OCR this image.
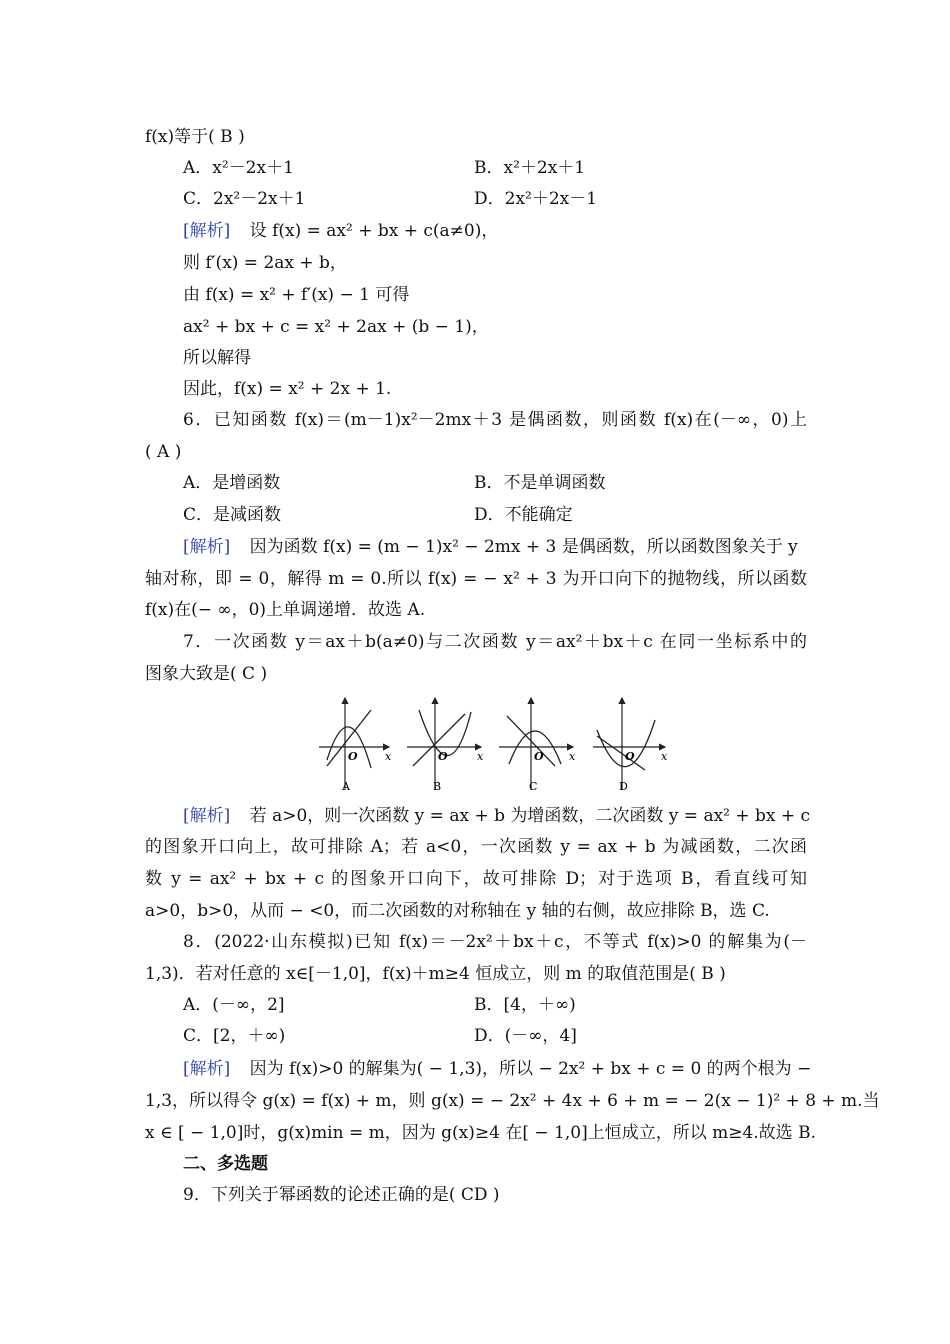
f(x)等于( B )
A．x²－2x＋1	B．x²＋2x＋1
C．2x²－2x＋1	D．2x²＋2x－1
[解析] 设 f(x) = ax² + bx + c(a≠0)，
则 f′(x) = 2ax + b，
由 f(x) = x² + f′(x) − 1 可得
ax² + bx + c = x² + 2ax + (b − 1)，
所以解得
因此，f(x) = x² + 2x + 1.
6．已知函数 f(x)＝(m－1)x²－2mx＋3 是偶函数，则函数 f(x)在(－∞，0)上
( A )
A．是增函数	B．不是单调函数
C．是减函数	D．不能确定
[解析] 因为函数 f(x) = (m − 1)x² − 2mx + 3 是偶函数，所以函数图象关于 y
轴对称，即 = 0，解得 m = 0.所以 f(x) = − x² + 3 为开口向下的抛物线，所以函数
f(x)在(− ∞，0)上单调递增．故选 A.
7．一次函数 y＝ax＋b(a≠0)与二次函数 y＝ax²＋bx＋c 在同一坐标系中的
图象大致是( C )
O x
A
O	x
B
O x
C
O x
D
[解析] 若 a>0，则一次函数 y = ax + b 为增函数，二次函数 y = ax² + bx + c
的图象开口向上，故可排除 A；若 a<0，一次函数 y = ax + b 为减函数，二次函
数 y = ax² + bx + c 的图象开口向下，故可排除 D；对于选项 B，看直线可知
a>0，b>0，从而 − <0，而二次函数的对称轴在 y 轴的右侧，故应排除 B，选 C.
8．(2022·山东模拟)已知 f(x)＝－2x²＋bx＋c，不等式 f(x)>0 的解集为(－
1,3)．若对任意的 x∈[－1,0]，f(x)＋m≥4 恒成立，则 m 的取值范围是( B )
A．(－∞，2]	B．[4，＋∞)
C．[2，＋∞)	D．(－∞，4]
[解析] 因为 f(x)>0 的解集为( − 1,3)，所以 − 2x² + bx + c = 0 的两个根为 −
1,3，所以得令 g(x) = f(x) + m，则 g(x) = − 2x² + 4x + 6 + m = − 2(x − 1)² + 8 + m.当
x ∈ [ − 1,0]时，g(x)min = m，因为 g(x)≥4 在[ − 1,0]上恒成立，所以 m≥4.故选 B.
二、多选题
9．下列关于幂函数的论述正确的是( CD )
